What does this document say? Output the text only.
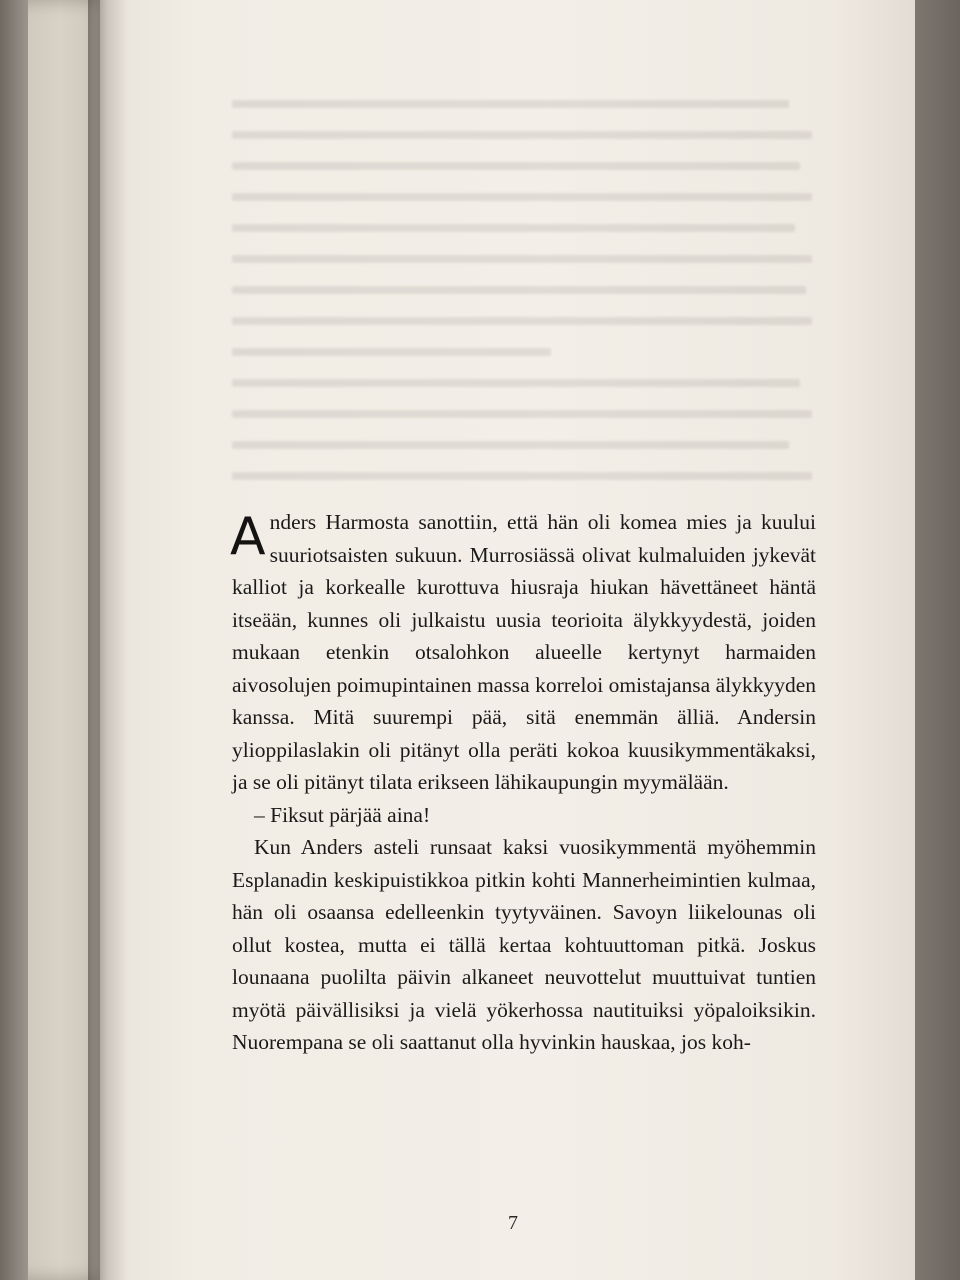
Anders Harmosta sanottiin, että hän oli komea mies ja kuului suuriotsaisten sukuun. Murrosiässä olivat kulmaluiden jykevät kalliot ja korkealle kurottuva hiusraja hiukan hävettäneet häntä itseään, kunnes oli julkaistu uusia teorioita älykkyydestä, joiden mukaan etenkin otsalohkon alueelle kertynyt harmaiden aivosolujen poimupintainen massa korreloi omistajansa älykkyyden kanssa. Mitä suurempi pää, sitä enemmän älliä. Andersin ylioppilaslakin oli pitänyt olla peräti kokoa kuusikymmentäkaksi, ja se oli pitänyt tilata erikseen lähikaupungin myymälään.

– Fiksut pärjää aina!

Kun Anders asteli runsaat kaksi vuosikymmentä myöhemmin Esplanadin keskipuistikkoa pitkin kohti Mannerheimintien kulmaa, hän oli osaansa edelleenkin tyytyväinen. Savoyn liikelounas oli ollut kostea, mutta ei tällä kertaa kohtuuttoman pitkä. Joskus lounaana puolilta päivin alkaneet neuvottelut muuttuivat tuntien myötä päivällisiksi ja vielä yökerhossa nautituiksi yöpaloiksikin. Nuorempana se oli saattanut olla hyvinkin hauskaa, jos koh-

7
